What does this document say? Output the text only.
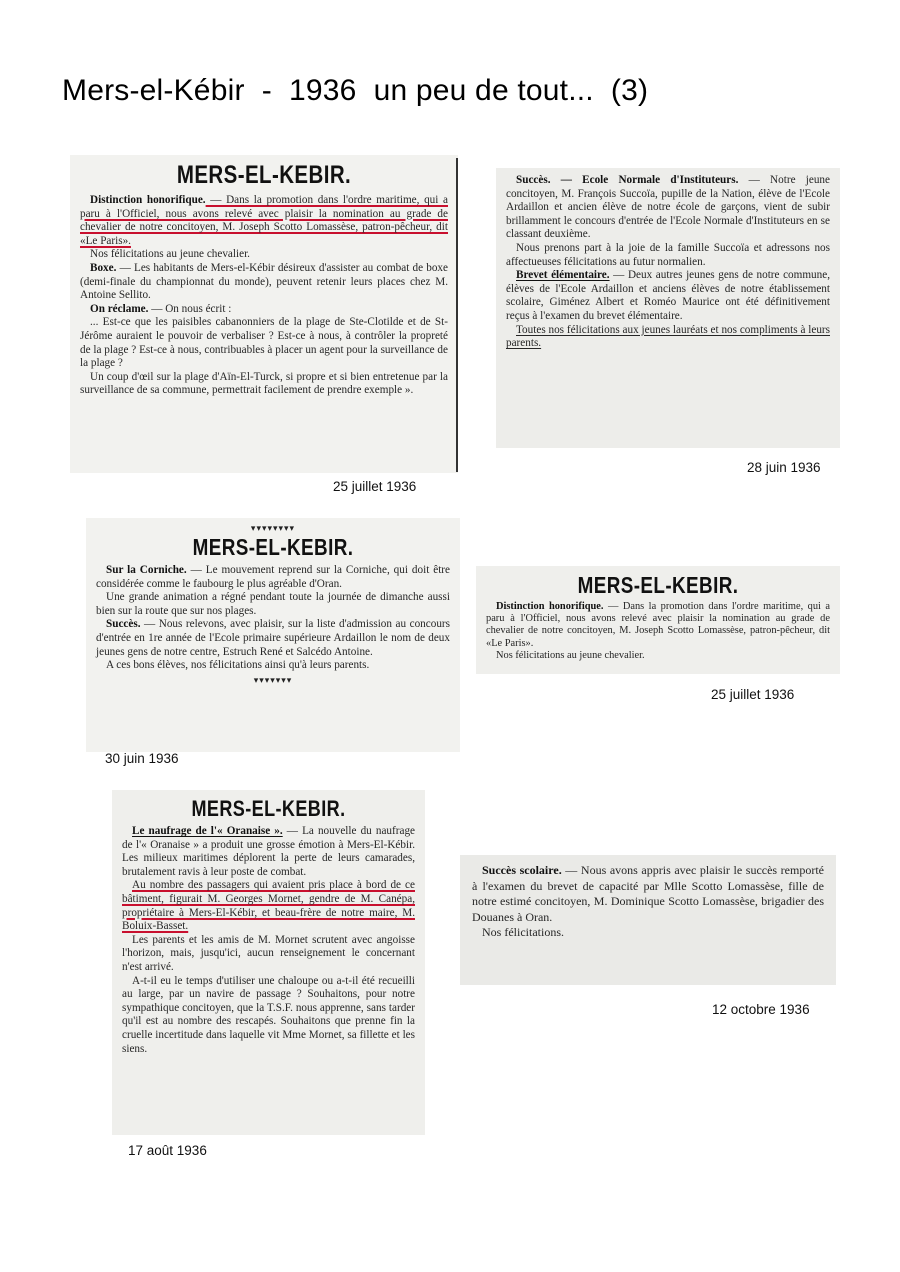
Mers-el-Kébir  -  1936  un peu de tout...  (3)
MERS-EL-KEBIR.

Distinction honorifique. — Dans la promotion dans l'ordre maritime, qui a paru à l'Officiel, nous avons relevé avec plaisir la nomination au grade de chevalier de notre concitoyen, M. Joseph Scotto Lomassèse, patron-pêcheur, dit «Le Paris».

Nos félicitations au jeune chevalier.

Boxe. — Les habitants de Mers-el-Kébir désireux d'assister au combat de boxe (demi-finale du championnat du monde), peuvent retenir leurs places chez M. Antoine Sellito.

On réclame. — On nous écrit :

... Est-ce que les paisibles cabanonniers de la plage de Ste-Clotilde et de St-Jérôme auraient le pouvoir de verbaliser ? Est-ce à nous, à contrôler la propreté de la plage ? Est-ce à nous, contribuables à placer un agent pour la surveillance de la plage ?

Un coup d'œil sur la plage d'Aïn-El-Turck, si propre et si bien entretenue par la surveillance de sa commune, permettrait facilement de prendre exemple ».

25 juillet 1936

Succès. — Ecole Normale d'Instituteurs. — Notre jeune concitoyen, M. François Succoïa, pupille de la Nation, élève de l'Ecole Ardaillon et ancien élève de notre école de garçons, vient de subir brillamment le concours d'entrée de l'Ecole Normale d'Instituteurs en se classant deuxième.

Nous prenons part à la joie de la famille Succoïa et adressons nos affectueuses félicitations au futur normalien.

Brevet élémentaire. — Deux autres jeunes gens de notre commune, élèves de l'Ecole Ardaillon et anciens élèves de notre établissement scolaire, Giménez Albert et Roméo Maurice ont été définitivement reçus à l'examen du brevet élémentaire.

Toutes nos félicitations aux jeunes lauréats et nos compliments à leurs parents.

28 juin 1936
▾▾▾▾▾▾▾▾
MERS-EL-KEBIR.

Sur la Corniche. — Le mouvement reprend sur la Corniche, qui doit être considérée comme le faubourg le plus agréable d'Oran.

Une grande animation a régné pendant toute la journée de dimanche aussi bien sur la route que sur nos plages.

Succès. — Nous relevons, avec plaisir, sur la liste d'admission au concours d'entrée en 1re année de l'Ecole primaire supérieure Ardaillon le nom de deux jeunes gens de notre centre, Estruch René et Salcédo Antoine.

A ces bons élèves, nos félicitations ainsi qu'à leurs parents.

▾▾▾▾▾▾▾
30 juin 1936
MERS-EL-KEBIR.

Distinction honorifique. — Dans la promotion dans l'ordre maritime, qui a paru à l'Officiel, nous avons relevé avec plaisir la nomination au grade de chevalier de notre concitoyen, M. Joseph Scotto Lomassèse, patron-pêcheur, dit «Le Paris».

Nos félicitations au jeune chevalier.

25 juillet 1936
MERS-EL-KEBIR.

Le naufrage de l'« Oranaise ». — La nouvelle du naufrage de l'« Oranaise » a produit une grosse émotion à Mers-El-Kébir. Les milieux maritimes déplorent la perte de leurs camarades, brutalement ravis à leur poste de combat.

Au nombre des passagers qui avaient pris place à bord de ce bâtiment, figurait M. Georges Mornet, gendre de M. Canépa, propriétaire à Mers-El-Kébir, et beau-frère de notre maire, M. Boluix-Basset.

Les parents et les amis de M. Mornet scrutent avec angoisse l'horizon, mais, jusqu'ici, aucun renseignement le concernant n'est arrivé.

A-t-il eu le temps d'utiliser une chaloupe ou a-t-il été recueilli au large, par un navire de passage ? Souhaitons, pour notre sympathique concitoyen, que la T.S.F. nous apprenne, sans tarder qu'il est au nombre des rescapés. Souhaitons que prenne fin la cruelle incertitude dans laquelle vit Mme Mornet, sa fillette et les siens.

17 août 1936

Succès scolaire. — Nous avons appris avec plaisir le succès remporté à l'examen du brevet de capacité par Mlle Scotto Lomassèse, fille de notre estimé concitoyen, M. Dominique Scotto Lomassèse, brigadier des Douanes à Oran.

Nos félicitations.

12 octobre 1936
